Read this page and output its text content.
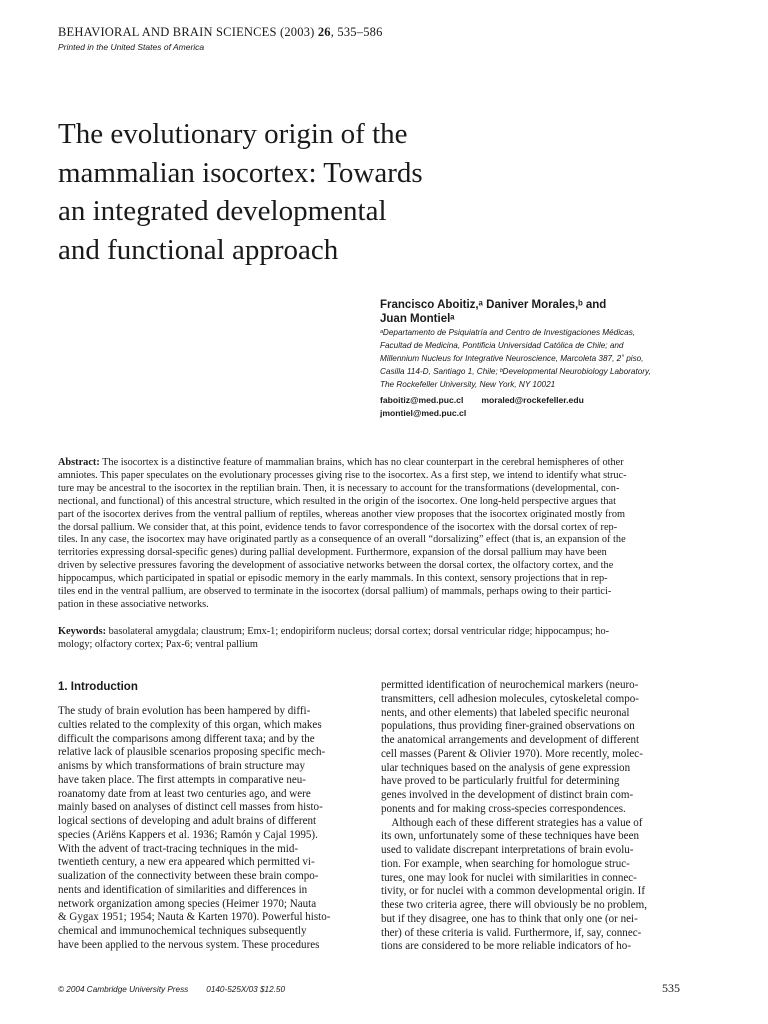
BEHAVIORAL AND BRAIN SCIENCES (2003) 26, 535–586
Printed in the United States of America
The evolutionary origin of the
mammalian isocortex: Towards
an integrated developmental
and functional approach
Francisco Aboitiz,ᵃ Daniver Morales,ᵇ and
Juan Montielᵃ
ᵃDepartamento de Psiquiatría and Centro de Investigaciones Médicas,
Facultad de Medicina, Pontificia Universidad Católica de Chile; and
Millennium Nucleus for Integrative Neuroscience, Marcoleta 387, 2˚ piso,
Casilla 114-D, Santiago 1, Chile; ᵇDevelopmental Neurobiology Laboratory,
The Rockefeller University, New York, NY 10021
faboitiz@med.puc.cl moraled@rockefeller.edu
jmontiel@med.puc.cl
Abstract: The isocortex is a distinctive feature of mammalian brains, which has no clear counterpart in the cerebral hemispheres of other
amniotes. This paper speculates on the evolutionary processes giving rise to the isocortex. As a first step, we intend to identify what struc-
ture may be ancestral to the isocortex in the reptilian brain. Then, it is necessary to account for the transformations (developmental, con-
nectional, and functional) of this ancestral structure, which resulted in the origin of the isocortex. One long-held perspective argues that
part of the isocortex derives from the ventral pallium of reptiles, whereas another view proposes that the isocortex originated mostly from
the dorsal pallium. We consider that, at this point, evidence tends to favor correspondence of the isocortex with the dorsal cortex of rep-
tiles. In any case, the isocortex may have originated partly as a consequence of an overall “dorsalizing” effect (that is, an expansion of the
territories expressing dorsal-specific genes) during pallial development. Furthermore, expansion of the dorsal pallium may have been
driven by selective pressures favoring the development of associative networks between the dorsal cortex, the olfactory cortex, and the
hippocampus, which participated in spatial or episodic memory in the early mammals. In this context, sensory projections that in rep-
tiles end in the ventral pallium, are observed to terminate in the isocortex (dorsal pallium) of mammals, perhaps owing to their partici-
pation in these associative networks.
Keywords: basolateral amygdala; claustrum; Emx-1; endopiriform nucleus; dorsal cortex; dorsal ventricular ridge; hippocampus; ho-
mology; olfactory cortex; Pax-6; ventral pallium
1. Introduction
The study of brain evolution has been hampered by diffi-
culties related to the complexity of this organ, which makes
difficult the comparisons among different taxa; and by the
relative lack of plausible scenarios proposing specific mech-
anisms by which transformations of brain structure may
have taken place. The first attempts in comparative neu-
roanatomy date from at least two centuries ago, and were
mainly based on analyses of distinct cell masses from histo-
logical sections of developing and adult brains of different
species (Ariëns Kappers et al. 1936; Ramón y Cajal 1995).
With the advent of tract-tracing techniques in the mid-
twentieth century, a new era appeared which permitted vi-
sualization of the connectivity between these brain compo-
nents and identification of similarities and differences in
network organization among species (Heimer 1970; Nauta
& Gygax 1951; 1954; Nauta & Karten 1970). Powerful histo-
chemical and immunochemical techniques subsequently
have been applied to the nervous system. These procedures
permitted identification of neurochemical markers (neuro-
transmitters, cell adhesion molecules, cytoskeletal compo-
nents, and other elements) that labeled specific neuronal
populations, thus providing finer-grained observations on
the anatomical arrangements and development of different
cell masses (Parent & Olivier 1970). More recently, molec-
ular techniques based on the analysis of gene expression
have proved to be particularly fruitful for determining
genes involved in the development of distinct brain com-
ponents and for making cross-species correspondences.
Although each of these different strategies has a value of
its own, unfortunately some of these techniques have been
used to validate discrepant interpretations of brain evolu-
tion. For example, when searching for homologue struc-
tures, one may look for nuclei with similarities in connec-
tivity, or for nuclei with a common developmental origin. If
these two criteria agree, there will obviously be no problem,
but if they disagree, one has to think that only one (or nei-
ther) of these criteria is valid. Furthermore, if, say, connec-
tions are considered to be more reliable indicators of ho-
© 2004 Cambridge University Press 0140-525X/03 $12.50	535
